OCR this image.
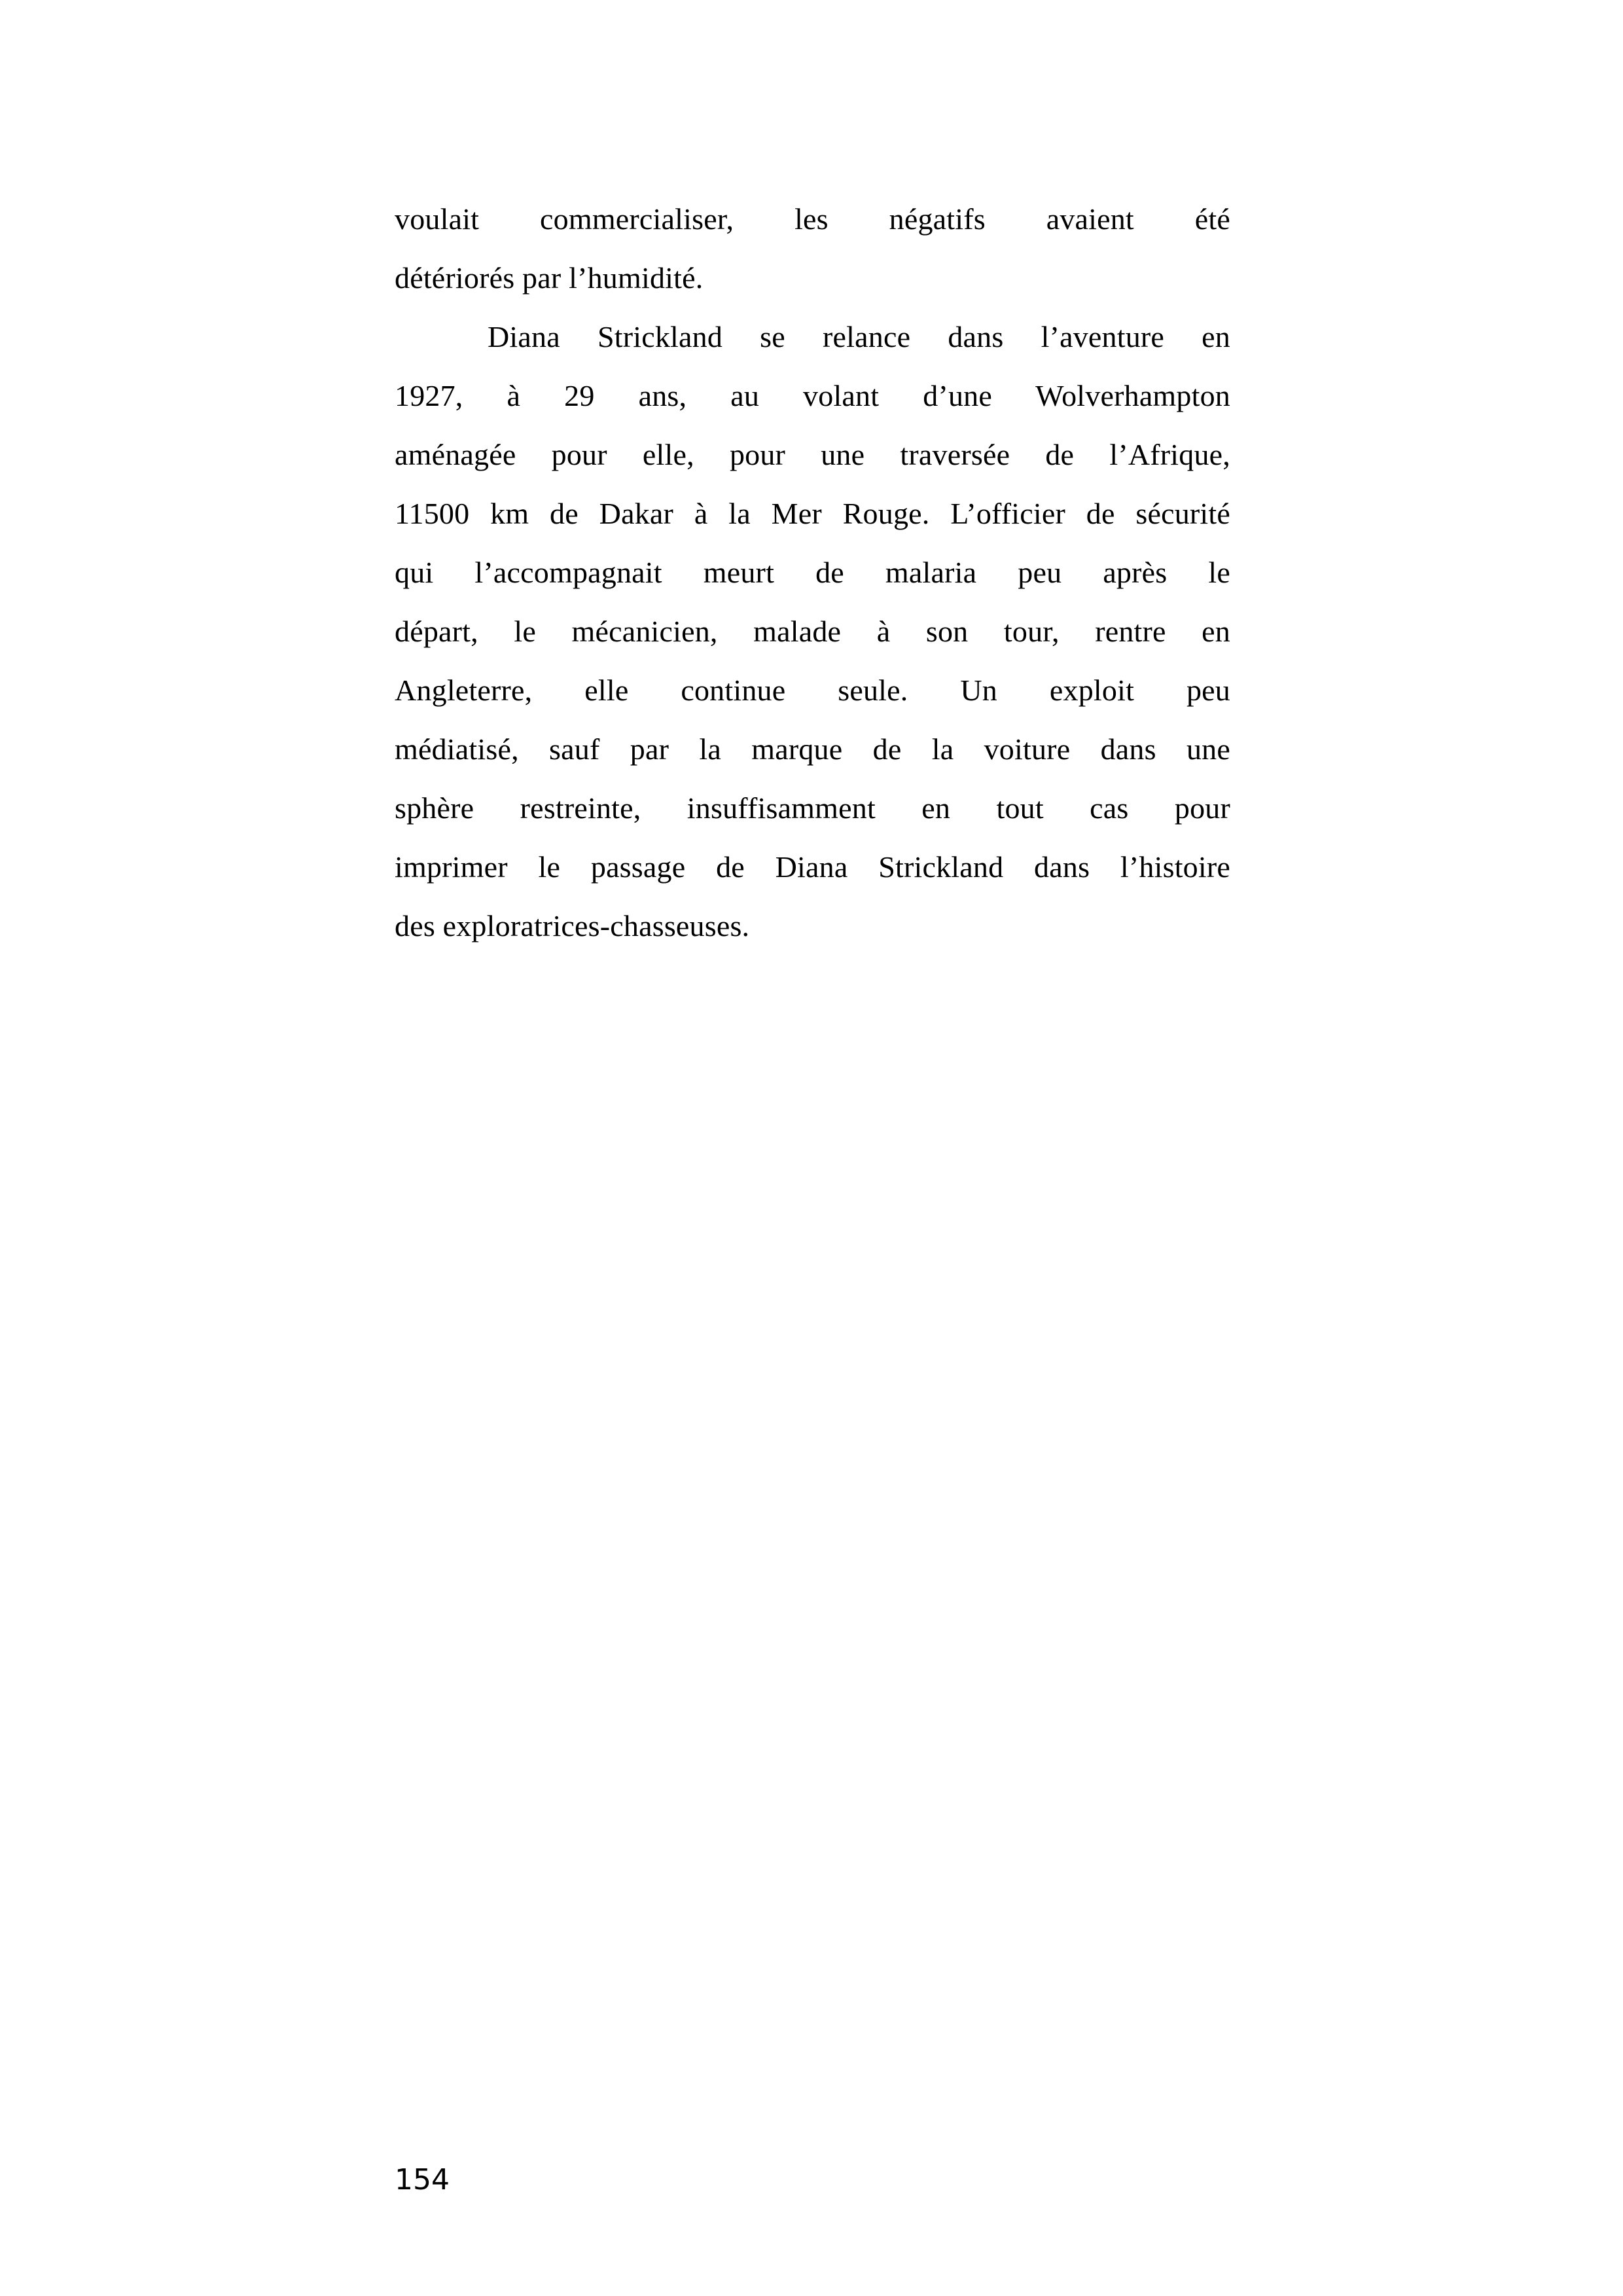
voulait commercialiser, les négatifs avaient été
détériorés par l’humidité.
Diana Strickland se relance dans l’aventure en
1927, à 29 ans, au volant d’une Wolverhampton
aménagée pour elle, pour une traversée de l’Afrique,
11500 km de Dakar à la Mer Rouge. L’officier de sécurité
qui l’accompagnait meurt de malaria peu après le
départ, le mécanicien, malade à son tour, rentre en
Angleterre, elle continue seule. Un exploit peu
médiatisé, sauf par la marque de la voiture dans une
sphère restreinte, insuffisamment en tout cas pour
imprimer le passage de Diana Strickland dans l’histoire
des exploratrices-chasseuses.
154
